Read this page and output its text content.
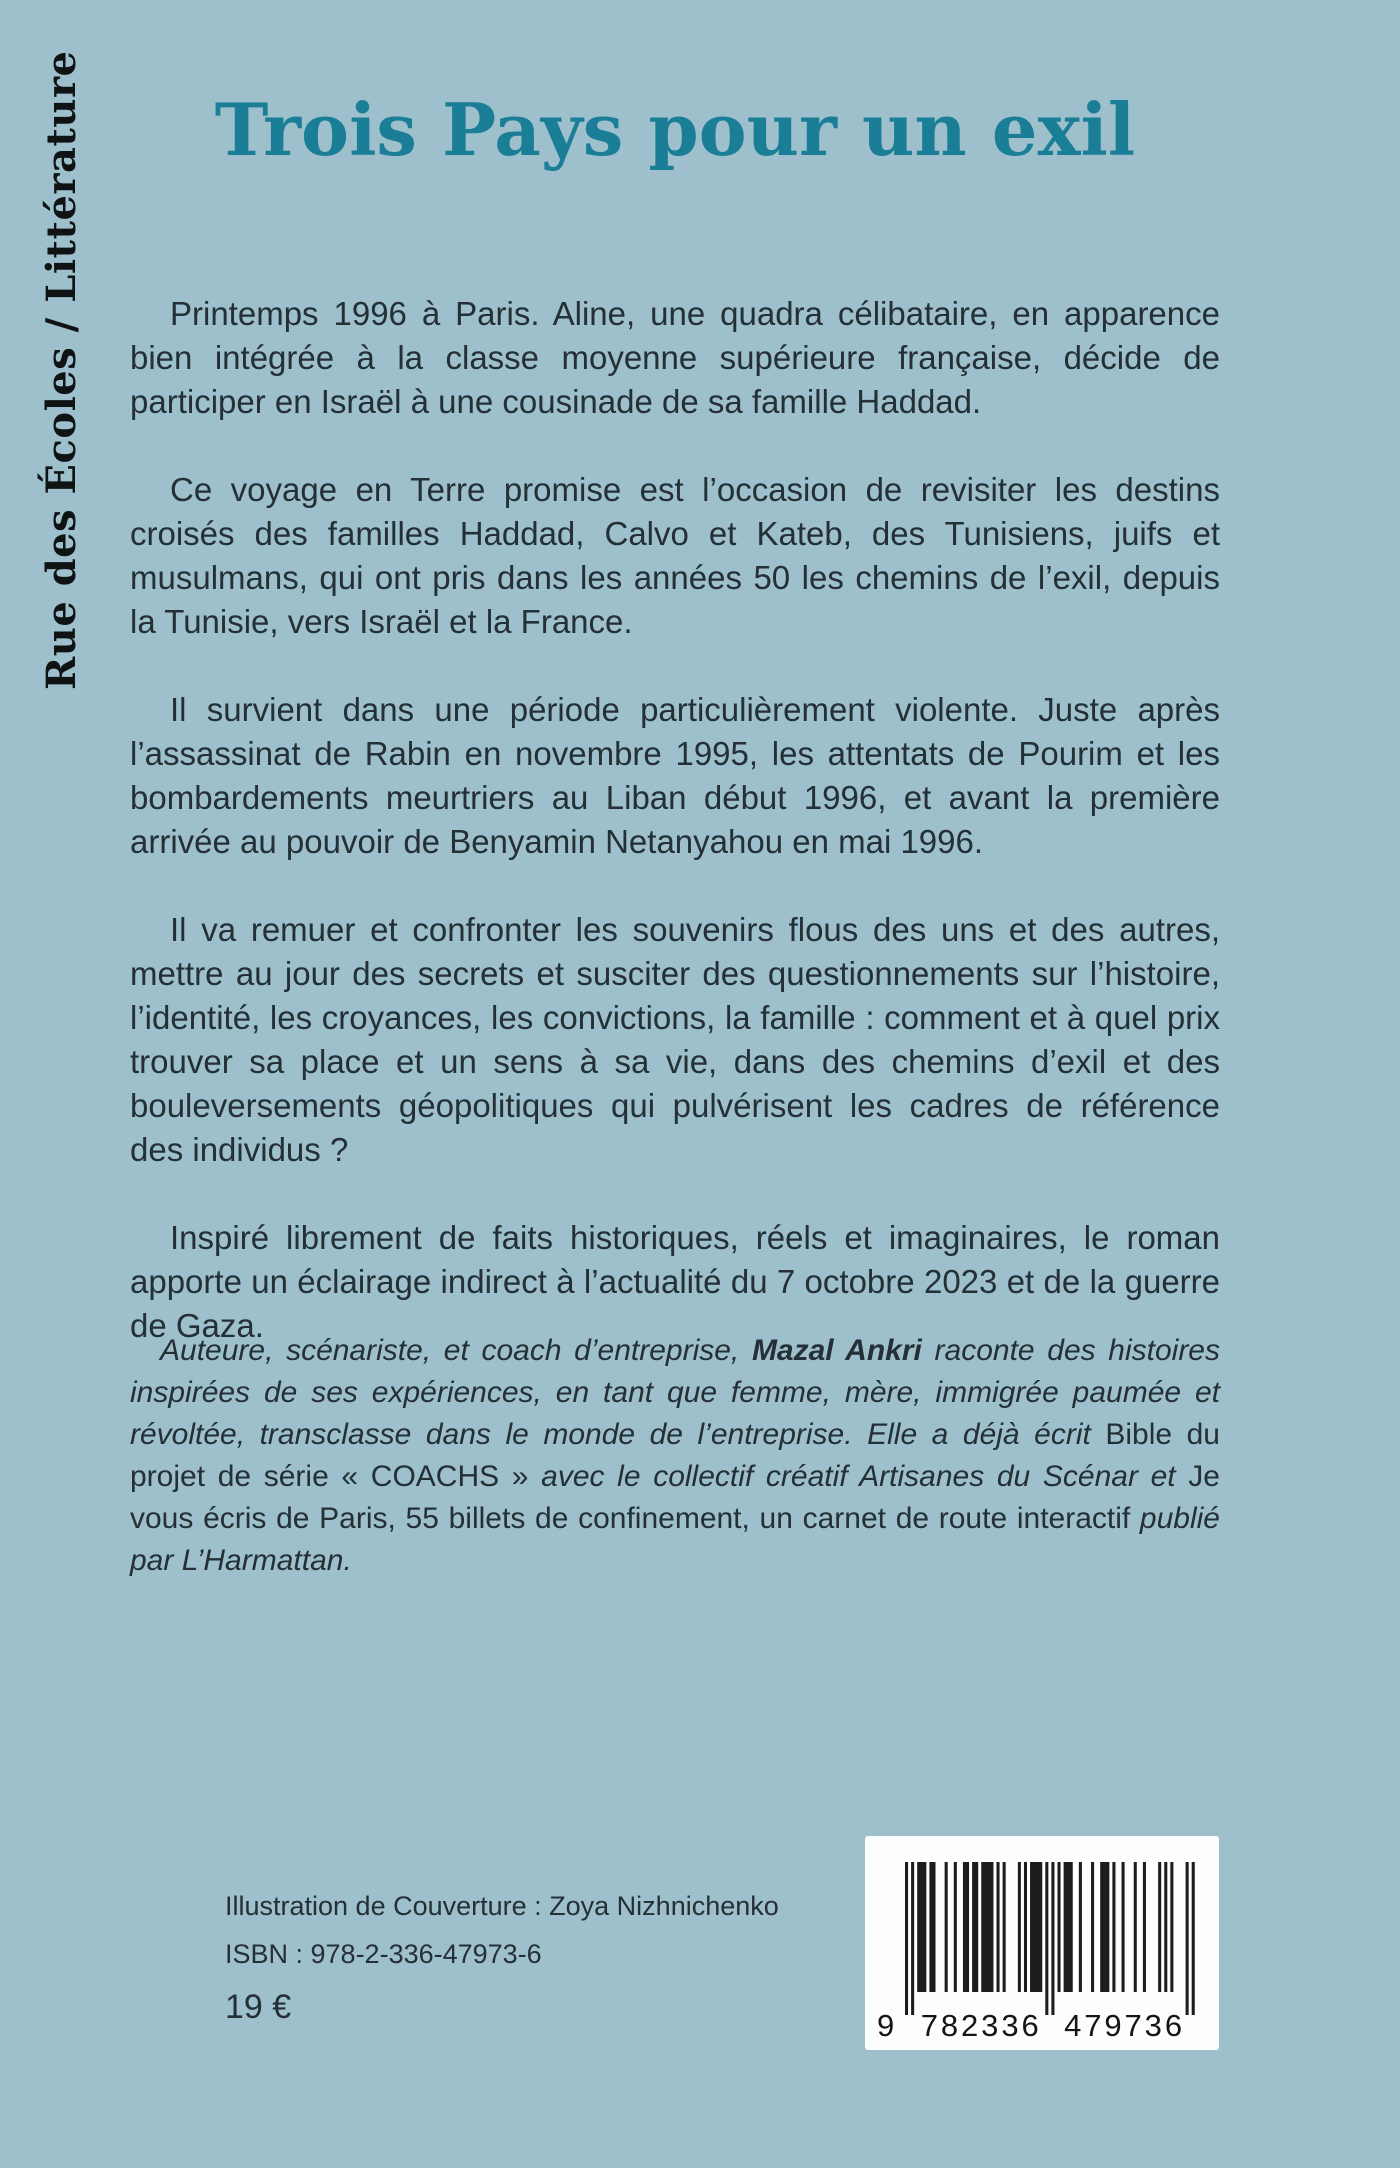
Rue des Écoles / Littérature	Trois Pays pour un exil

Printemps 1996 à Paris. Aline, une quadra célibataire, en apparence bien intégrée à la classe moyenne supérieure française, décide de participer en Israël à une cousinade de sa famille Haddad.

Ce voyage en Terre promise est l’occasion de revisiter les destins croisés des familles Haddad, Calvo et Kateb, des Tunisiens, juifs et musulmans, qui ont pris dans les années 50 les chemins de l’exil, depuis la Tunisie, vers Israël et la France.

Il survient dans une période particulièrement violente. Juste après l’assassinat de Rabin en novembre 1995, les attentats de Pourim et les bombardements meurtriers au Liban début 1996, et avant la première arrivée au pouvoir de Benyamin Netanyahou en mai 1996.

Il va remuer et confronter les souvenirs flous des uns et des autres, mettre au jour des secrets et susciter des questionnements sur l’histoire, l’identité, les croyances, les convictions, la famille : comment et à quel prix trouver sa place et un sens à sa vie, dans des chemins d’exil et des bouleversements géopolitiques qui pulvérisent les cadres de référence des individus ?

Inspiré librement de faits historiques, réels et imaginaires, le roman apporte un éclairage indirect à l’actualité du 7 octobre 2023 et de la guerre de Gaza.

Auteure, scénariste, et coach d’entreprise, Mazal Ankri raconte des histoires inspirées de ses expériences, en tant que femme, mère, immigrée paumée et révoltée, transclasse dans le monde de l’entreprise. Elle a déjà écrit Bible du projet de série « COACHS » avec le collectif créatif Artisanes du Scénar et Je vous écris de Paris, 55 billets de confinement, un carnet de route interactif publié par L’Harmattan.

Illustration de Couverture : Zoya Nizhnichenko
ISBN : 978-2-336-47973-6
19 €	9 782336 479736
